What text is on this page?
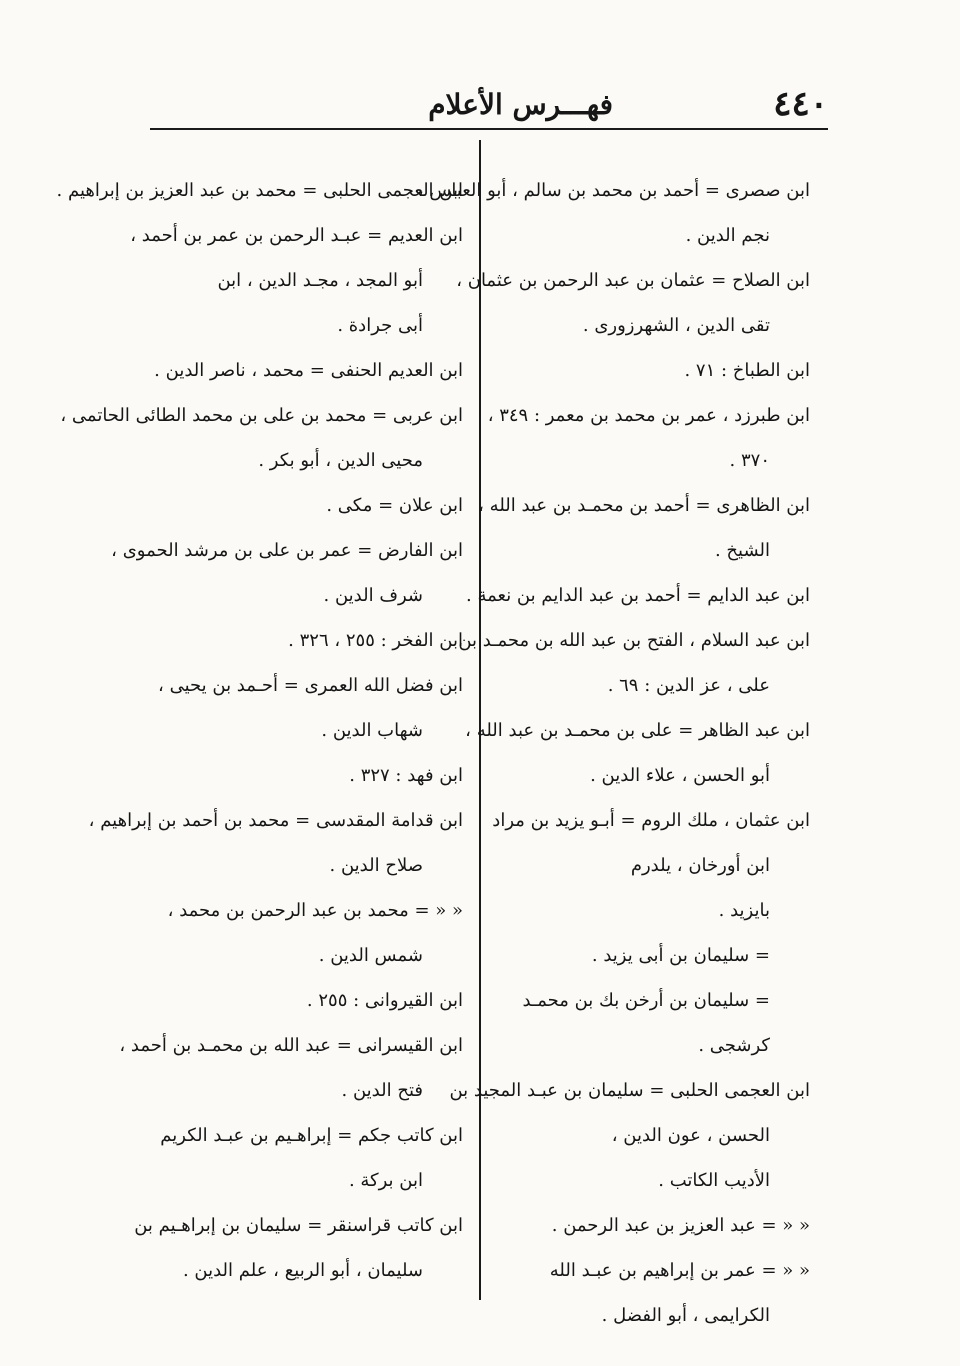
٤٤٠
فهـــرس الأعلام
ابن صصرى = أحمد بن محمد بن سالم ، أبو العباس ،
نجم الدين .
ابن الصلاح = عثمان بن عبد الرحمن بن عثمان ،
تقى الدين ، الشهرزورى .
ابن الطباخ : ٧١ .
ابن طبرزد ، عمر بن محمد بن معمر : ٣٤٩ ،
٣٧٠ .
ابن الظاهرى = أحمد بن محمـد بن عبد الله ،
الشيخ .
ابن عبد الدايم = أحمد بن عبد الدايم بن نعمة .
ابن عبد السلام ، الفتح بن عبد الله بن محمـد بن
على ، عز الدين : ٦٩ .
ابن عبد الظاهر = على بن محمـد بن عبد الله ،
أبو الحسن ، علاء الدين .
ابن عثمان ، ملك الروم = أبـو يزيد بن مراد
ابن أورخان ، يلدرم
بايزيد .
= سليمان بن أبى يزيد .
= سليمان بن أرخن بك بن محمـد
كرشجى .
ابن العجمى الحلبى = سليمان بن عبـد المجيد بن
الحسن ، عون الدين ،
الأديب الكاتب .
« « = عبد العزيز بن عبد الرحمن .
« « = عمر بن إبراهيم بن عبـد الله
الكرايمى ، أبو الفضل .
ابن العجمى الحلبى = محمد بن عبد العزيز بن إبراهيم .
ابن العديم = عبـد الرحمن بن عمر بن أحمد ،
أبو المجد ، مجـد الدين ، ابن
أبى جرادة .
ابن العديم الحنفى = محمد ، ناصر الدين .
ابن عربى = محمد بن على بن محمد الطائى الحاتمى ،
محيى الدين ، أبو بكر .
ابن علان = مكى .
ابن الفارض = عمر بن على بن مرشد الحموى ،
شرف الدين .
ابن الفخر : ٢٥٥ ، ٣٢٦ .
ابن فضل الله العمرى = أحـمد بن يحيى ،
شهاب الدين .
ابن فهد : ٣٢٧ .
ابن قدامة المقدسى = محمد بن أحمد بن إبراهيم ،
صلاح الدين .
« « = محمد بن عبد الرحمن بن محمد ،
شمس الدين .
ابن القيروانى : ٢٥٥ .
ابن القيسرانى = عبد الله بن محمـد بن أحمد ،
فتح الدين .
ابن كاتب جكم = إبراهـيم بن عبـد الكريم
ابن بركة .
ابن كاتب قراسنقر = سليمان بن إبراهـيم بن
سليمان ، أبو الربيع ، علم الدين .
